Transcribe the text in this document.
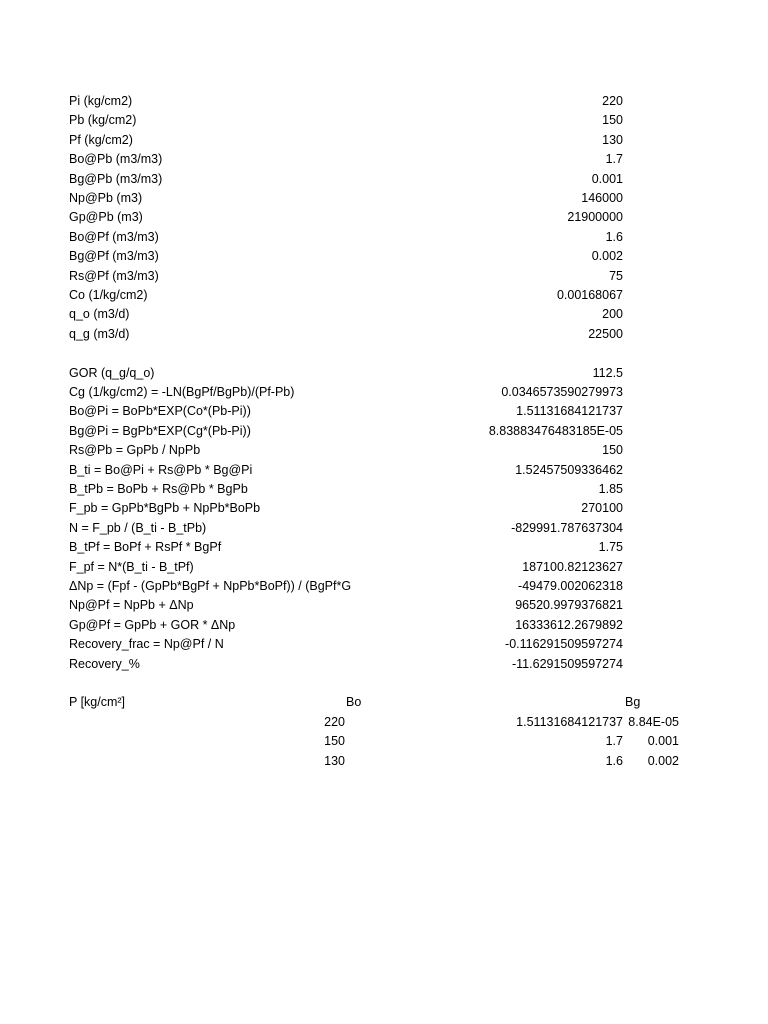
Pi (kg/cm2)	220
Pb (kg/cm2)	150
Pf (kg/cm2)	130
Bo@Pb (m3/m3)	1.7
Bg@Pb (m3/m3)	0.001
Np@Pb (m3)	146000
Gp@Pb (m3)	21900000
Bo@Pf (m3/m3)	1.6
Bg@Pf (m3/m3)	0.002
Rs@Pf (m3/m3)	75
Co (1/kg/cm2)	0.00168067
q_o (m3/d)	200
q_g (m3/d)	22500
GOR (q_g/q_o)	112.5
Cg (1/kg/cm2) = -LN(BgPf/BgPb)/(Pf-Pb)	0.0346573590279973
Bo@Pi = BoPb*EXP(Co*(Pb-Pi))	1.51131684121737
Bg@Pi = BgPb*EXP(Cg*(Pb-Pi))	8.83883476483185E-05
Rs@Pb = GpPb / NpPb	150
B_ti = Bo@Pi + Rs@Pb * Bg@Pi	1.52457509336462
B_tPb = BoPb + Rs@Pb * BgPb	1.85
F_pb = GpPb*BgPb + NpPb*BoPb	270100
N = F_pb / (B_ti - B_tPb)	-829991.787637304
B_tPf = BoPf + RsPf * BgPf	1.75
F_pf = N*(B_ti - B_tPf)	187100.82123627
ΔNp = (Fpf - (GpPb*BgPf + NpPb*BoPf)) / (BgPf*G	-49479.002062318
Np@Pf = NpPb + ΔNp	96520.9979376821
Gp@Pf = GpPb + GOR * ΔNp	16333612.2679892
Recovery_frac = Np@Pf / N	-0.116291509597274
Recovery_%	-11.6291509597274
P [kg/cm²]	Bo	Bg
220	1.51131684121737 8.84E-05
150	1.7 0.001
130	1.6 0.002
